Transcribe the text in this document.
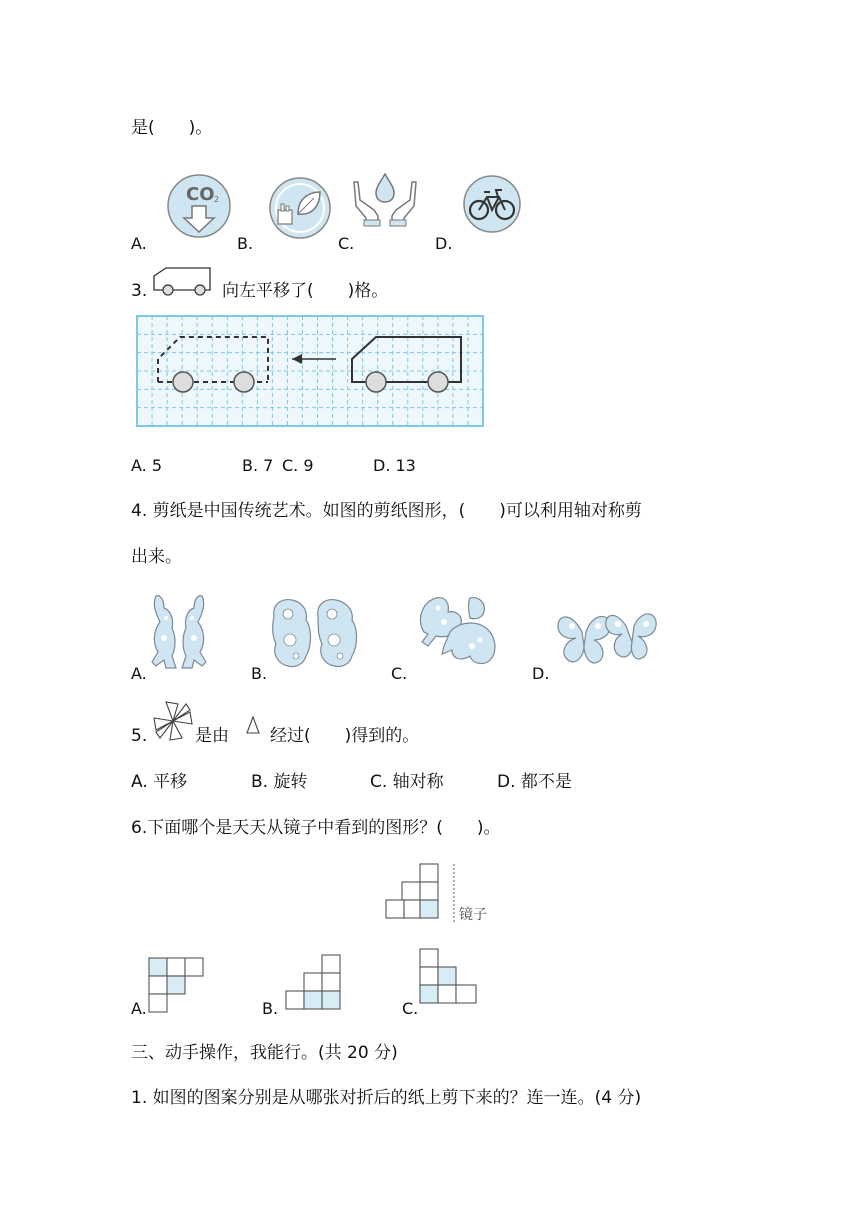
是(　　)。
CO 2
A.	B.	C.	D.
3.	向左平移了(　　)格。
A. 5	B. 7 C. 9	D. 13
4. 剪纸是中国传统艺术。如图的剪纸图形，(　　)可以利用轴对称剪
出来。
A.	B.	C.	D.
5.	是由 经过(　　)得到的。
A. 平移	B. 旋转	C. 轴对称	D. 都不是
6.下面哪个是天天从镜子中看到的图形？(　　)。
镜子
A.	B.	C.
三、动手操作，我能行。(共 20 分)
1. 如图的图案分别是从哪张对折后的纸上剪下来的？连一连。(4 分)
